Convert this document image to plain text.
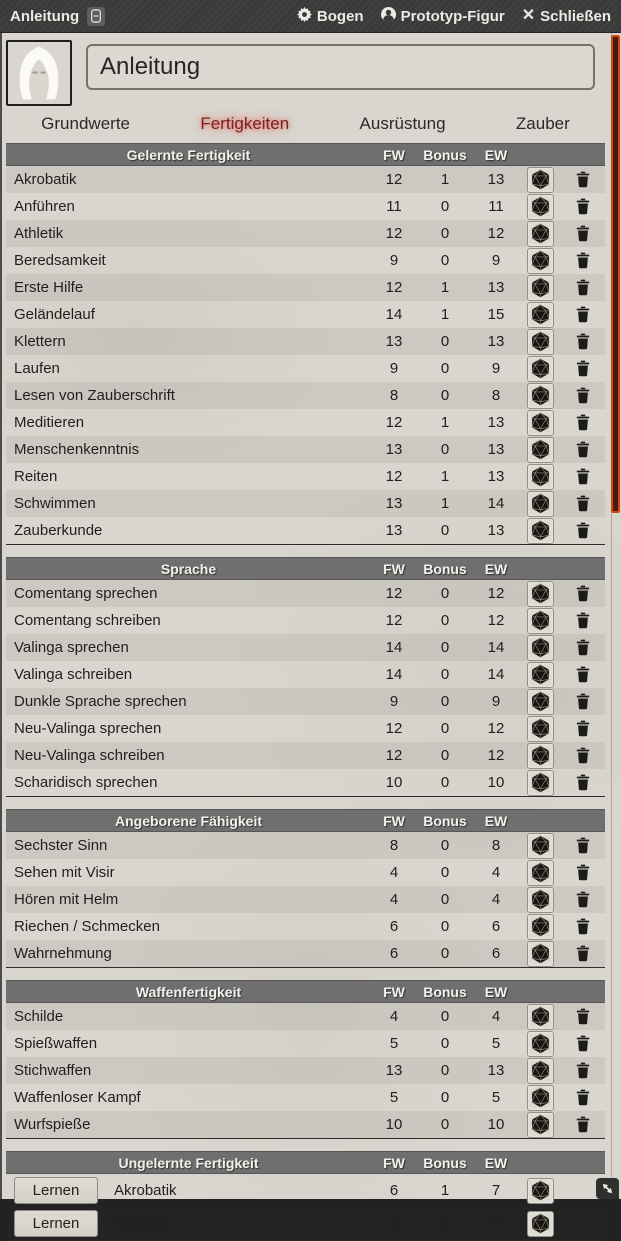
Anleitung	Bogen Prototyp-Figur ✕ Schließen
Anleitung
Grundwerte	Fertigkeiten	Ausrüstung	Zauber
Gelernte Fertigkeit	FW	Bonus	EW
Akrobatik	12	1	13
Anführen	11	0	11
Athletik	12	0	12
Beredsamkeit	9	0	9
Erste Hilfe	12	1	13
Geländelauf	14	1	15
Klettern	13	0	13
Laufen	9	0	9
Lesen von Zauberschrift	8	0	8
Meditieren	12	1	13
Menschenkenntnis	13	0	13
Reiten	12	1	13
Schwimmen	13	1	14
Zauberkunde	13	0	13
Sprache	FW	Bonus	EW
Comentang sprechen	12	0	12
Comentang schreiben	12	0	12
Valinga sprechen	14	0	14
Valinga schreiben	14	0	14
Dunkle Sprache sprechen	9	0	9
Neu-Valinga sprechen	12	0	12
Neu-Valinga schreiben	12	0	12
Scharidisch sprechen	10	0	10
Angeborene Fähigkeit	FW	Bonus	EW
Sechster Sinn	8	0	8
Sehen mit Visir	4	0	4
Hören mit Helm	4	0	4
Riechen / Schmecken	6	0	6
Wahrnehmung	6	0	6
Waffenfertigkeit	FW	Bonus	EW
Schilde	4	0	4
Spießwaffen	5	0	5
Stichwaffen	13	0	13
Waffenloser Kampf	5	0	5
Wurfspieße	10	0	10
Ungelernte Fertigkeit	FW	Bonus	EW
Lernen	Akrobatik	6	1	7
Lernen	Alchimie	8	0	8
